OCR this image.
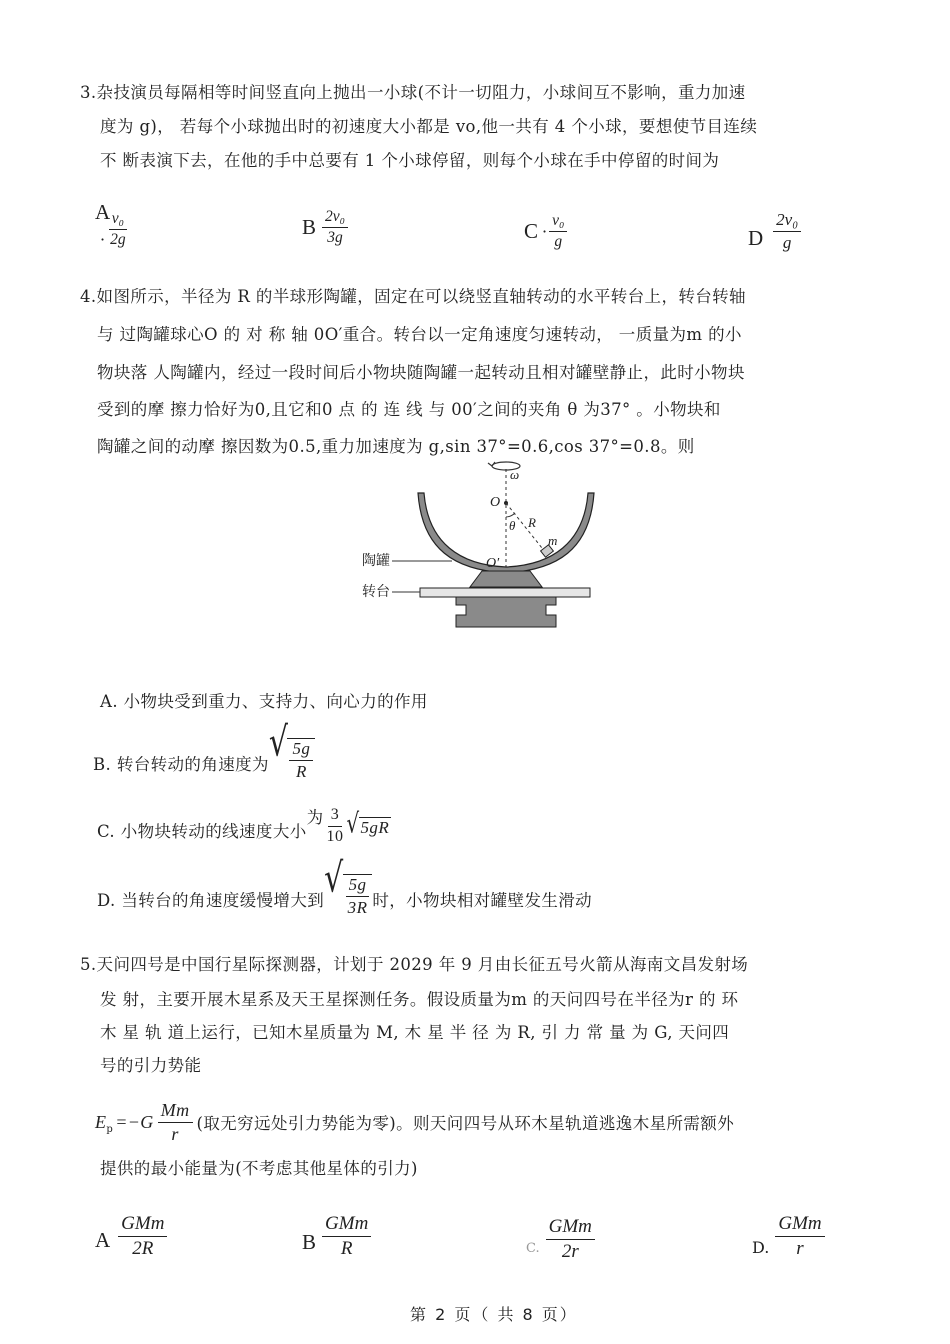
3.杂技演员每隔相等时间竖直向上抛出一小球(不计一切阻力，小球间互不影响，重力加速
度为 g)， 若每个小球抛出时的初速度大小都是 vo,他一共有 4 个小球，要想使节目连续
不 断表演下去，在他的手中总要有 1 个小球停留，则每个小球在手中停留的时间为
A
· $\frac{\text{v₀}}{2g}$	B $\frac{\text{2v₀}}{3g}$	$C \cdot \frac{\text{v₀}}{g}$	D $\frac{\text{2v₀}}{g}$
4.如图所示，半径为 R 的半球形陶罐，固定在可以绕竖直轴转动的水平转台上，转台转轴
与 过陶罐球心O 的 对 称 轴 0O′重合。转台以一定角速度匀速转动， 一质量为m 的小
物块落 人陶罐内，经过一段时间后小物块随陶罐一起转动且相对罐壁静止，此时小物块
受到的摩 擦力恰好为0,且它和0 点 的 连 线 与 00′之间的夹角 θ 为37° 。小物块和
陶罐之间的动摩 擦因数为0.5,重力加速度为 g,sin 37°=0.6,cos 37°=0.8。则
ω
O
θ R
m
O′
陶罐
转台
A. 小物块受到重力、支持力、向心力的作用
B. 转台转动的角速度为 √ $\frac{5g}{R}$
C. 小物块转动的线速度大小
为 $\frac{3}{10}$ √ 5gR
D. 当转台的角速度缓慢增大到 √ $\frac{5g}{3R}$ 时，小物块相对罐壁发生滑动
5.天问四号是中国行星际探测器，计划于 2029 年 9 月由长征五号火箭从海南文昌发射场
发 射，主要开展木星系及天王星探测任务。假设质量为m 的天问四号在半径为r 的 环
木 星 轨 道上运行，已知木星质量为 M, 木 星 半 径 为 R, 引 力 常 量 为 G, 天问四
号的引力势能
E $p =-G \frac{Mm}{r}$ (取无穷远处引力势能为零)。则天问四号从环木星轨道逃逸木星所需额外
提供的最小能量为(不考虑其他星体的引力)
A $\frac{\text{GMm}}{2R}$	B $\frac{\text{GMm}}{R}$	C. $\frac{\text{GMm}}{2r}$	D. $\frac{\text{GMm}}{r}$
第 2 页（ 共 8 页）
